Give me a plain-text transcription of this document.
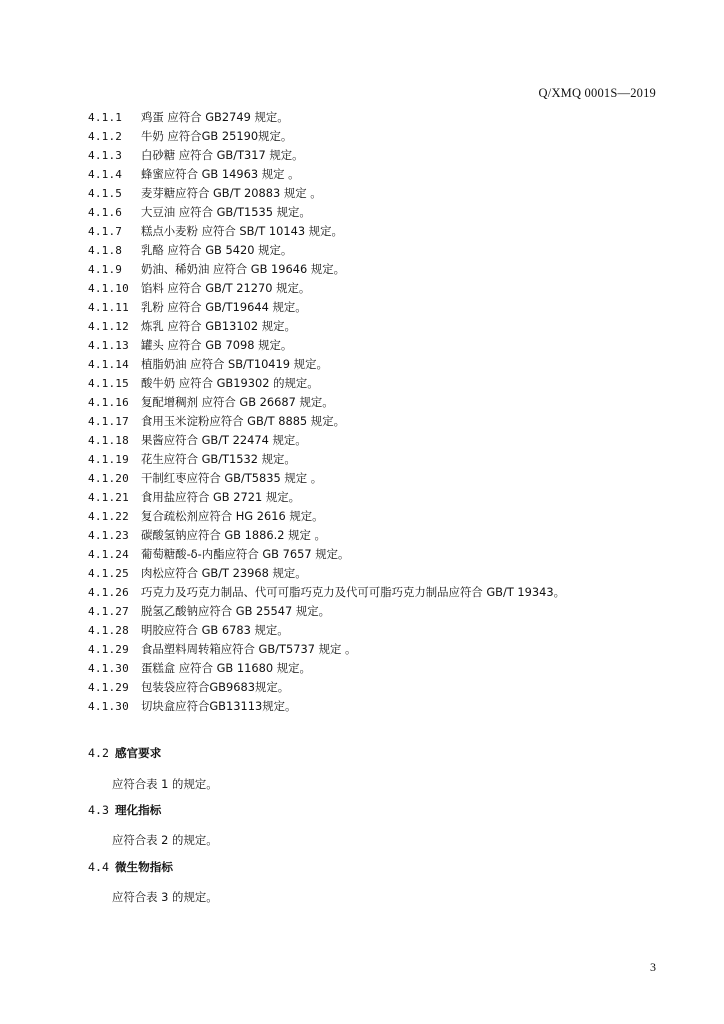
Q/XMQ 0001S—2019
4.1.1	鸡蛋 应符合 GB2749 规定。
4.1.2	牛奶 应符合GB 25190规定。
4.1.3	白砂糖 应符合 GB/T317 规定。
4.1.4	蜂蜜应符合 GB 14963 规定 。
4.1.5	麦芽糖应符合 GB/T 20883 规定 。
4.1.6	大豆油 应符合 GB/T1535 规定。
4.1.7	糕点小麦粉 应符合 SB/T 10143 规定。
4.1.8	乳酪 应符合 GB 5420 规定。
4.1.9	奶油、稀奶油 应符合 GB 19646 规定。
4.1.10	馅料 应符合 GB/T 21270 规定。
4.1.11	乳粉 应符合 GB/T19644 规定。
4.1.12	炼乳 应符合 GB13102 规定。
4.1.13	罐头 应符合 GB 7098 规定。
4.1.14	植脂奶油 应符合 SB/T10419 规定。
4.1.15	酸牛奶 应符合 GB19302 的规定。
4.1.16	复配增稠剂 应符合 GB 26687 规定。
4.1.17	食用玉米淀粉应符合 GB/T 8885 规定。
4.1.18	果酱应符合 GB/T 22474 规定。
4.1.19	花生应符合 GB/T1532 规定。
4.1.20	干制红枣应符合 GB/T5835 规定 。
4.1.21	食用盐应符合 GB 2721 规定。
4.1.22	复合疏松剂应符合 HG 2616 规定。
4.1.23	碳酸氢钠应符合 GB 1886.2 规定 。
4.1.24	葡萄糖酸-δ-内酯应符合 GB 7657 规定。
4.1.25	肉松应符合 GB/T 23968 规定。
4.1.26	巧克力及巧克力制品、代可可脂巧克力及代可可脂巧克力制品应符合 GB/T 19343。
4.1.27	脱氢乙酸钠应符合 GB 25547 规定。
4.1.28	明胶应符合 GB 6783 规定。
4.1.29	食品塑料周转箱应符合 GB/T5737 规定 。
4.1.30	蛋糕盒 应符合 GB 11680 规定。
4.1.29	包装袋应符合GB9683规定。
4.1.30	切块盒应符合GB13113规定。
4.2 感官要求
应符合表 1 的规定。
4.3 理化指标
应符合表 2 的规定。
4.4 微生物指标
应符合表 3 的规定。
3
